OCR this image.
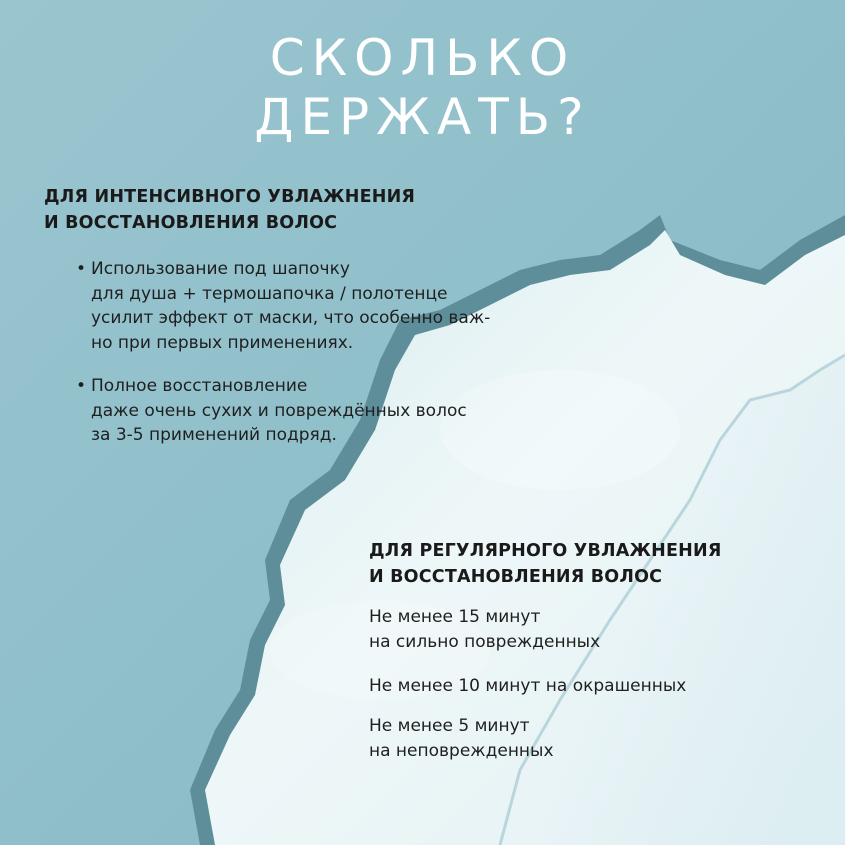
СКОЛЬКО
ДЕРЖАТЬ?
ДЛЯ ИНТЕНСИВНОГО УВЛАЖНЕНИЯ
И ВОССТАНОВЛЕНИЯ ВОЛОС

• Использование под шапочку
для душа + термошапочка / полотенце
усилит эффект от маски, что особенно важ-
но при первых применениях.

• Полное восстановление
даже очень сухих и повреждённых волос
за 3-5 применений подряд.

ДЛЯ РЕГУЛЯРНОГО УВЛАЖНЕНИЯ
И ВОССТАНОВЛЕНИЯ ВОЛОС

Не менее 15 минут
на сильно поврежденных

Не менее 10 минут на окрашенных

Не менее 5 минут
на неповрежденных
